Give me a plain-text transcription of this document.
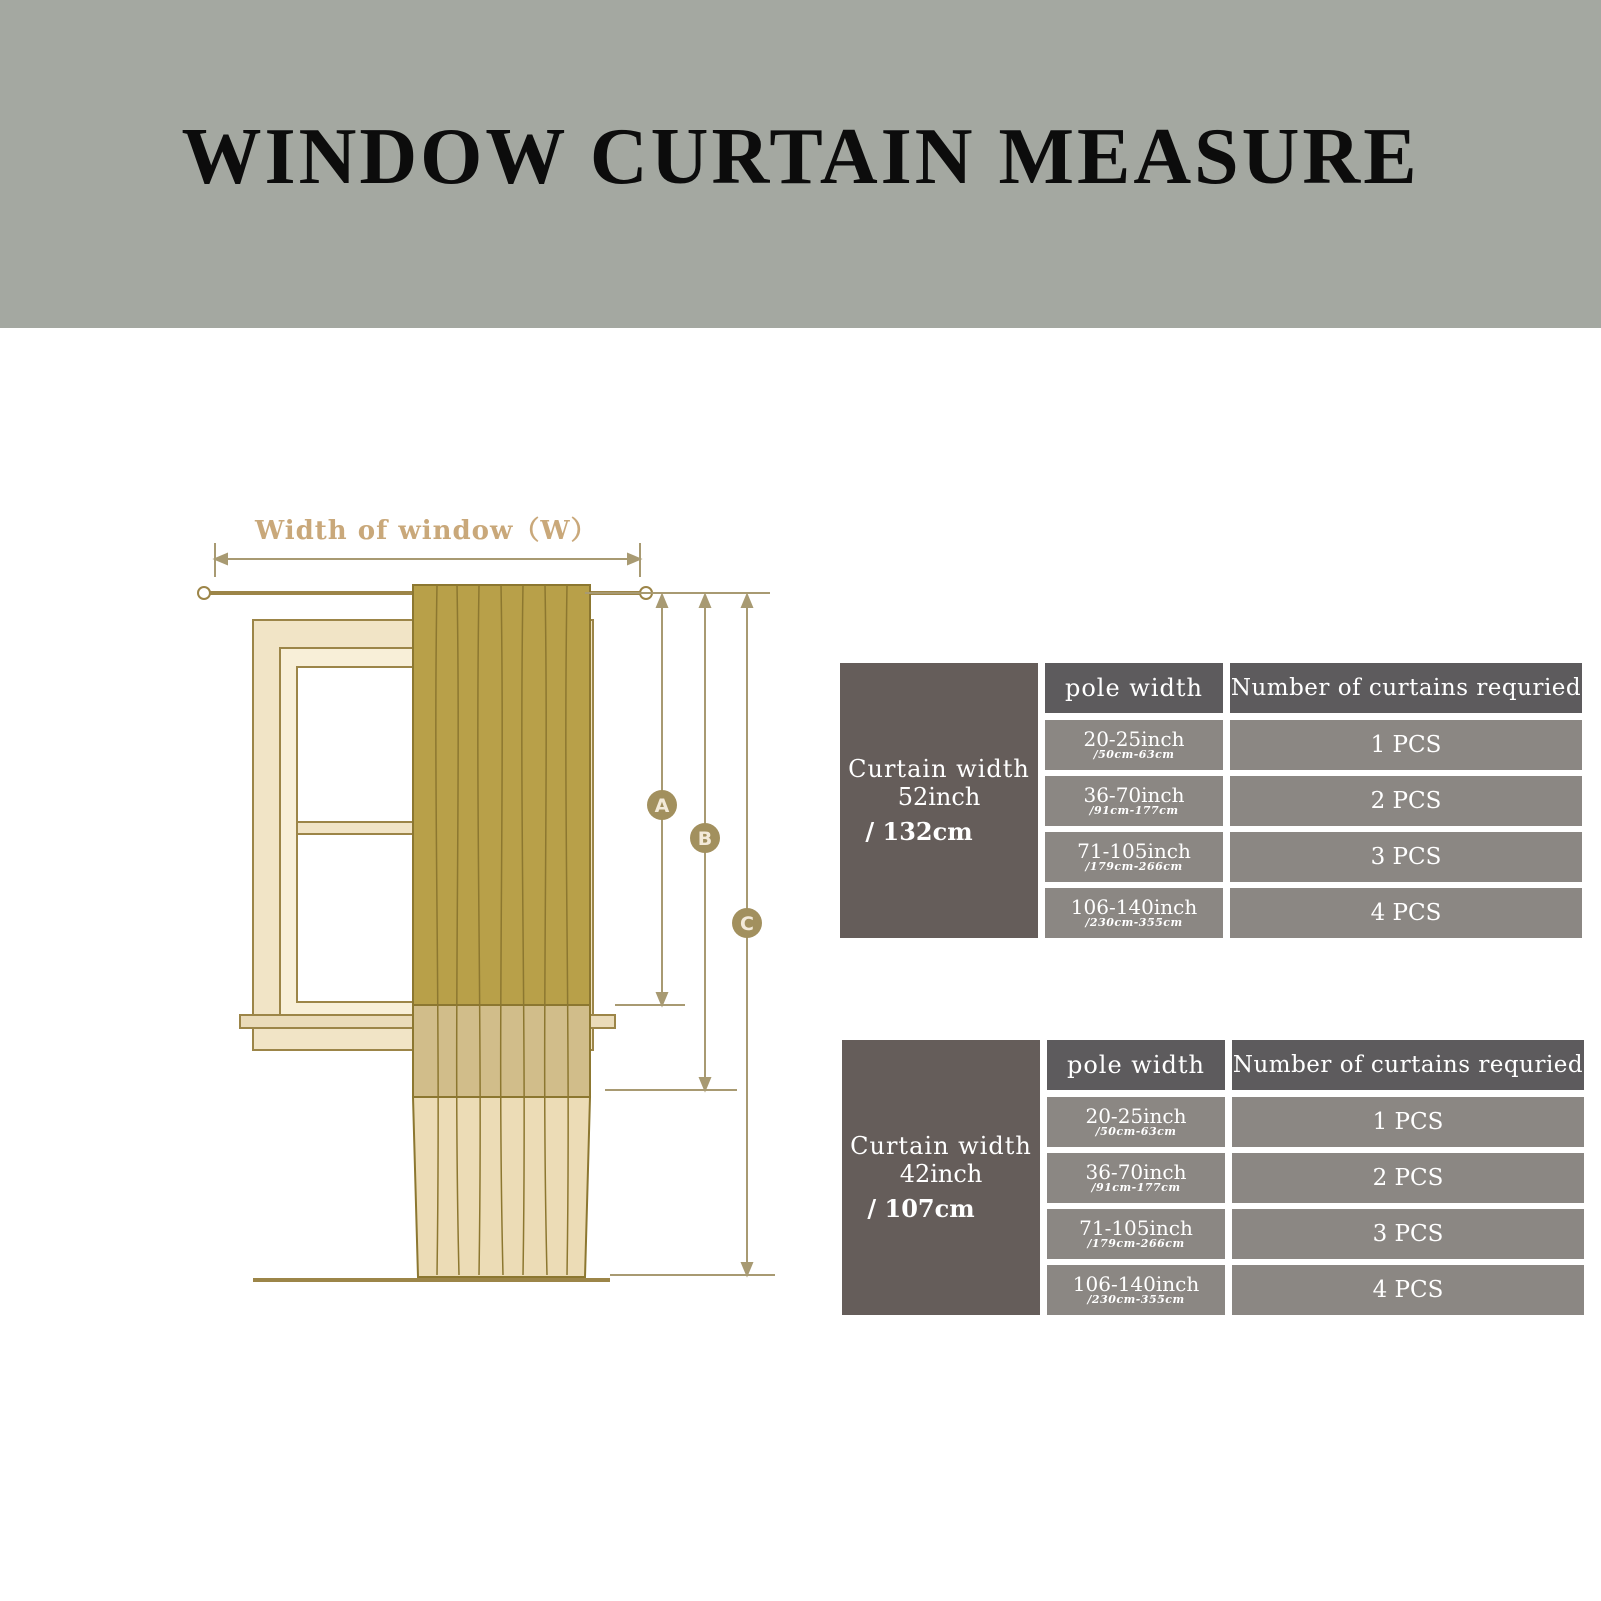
WINDOW CURTAIN MEASURE
Width of window（W）
A
B
C
Curtain width
52inch
/ 132cm
pole width	Number of curtains requried
20-25inch
/50cm-63cm	1 PCS
36-70inch
/91cm-177cm	2 PCS
71-105inch
/179cm-266cm	3 PCS
106-140inch
/230cm-355cm	4 PCS
Curtain width
42inch
/ 107cm
pole width	Number of curtains requried
20-25inch
/50cm-63cm	1 PCS
36-70inch
/91cm-177cm	2 PCS
71-105inch
/179cm-266cm	3 PCS
106-140inch
/230cm-355cm	4 PCS
